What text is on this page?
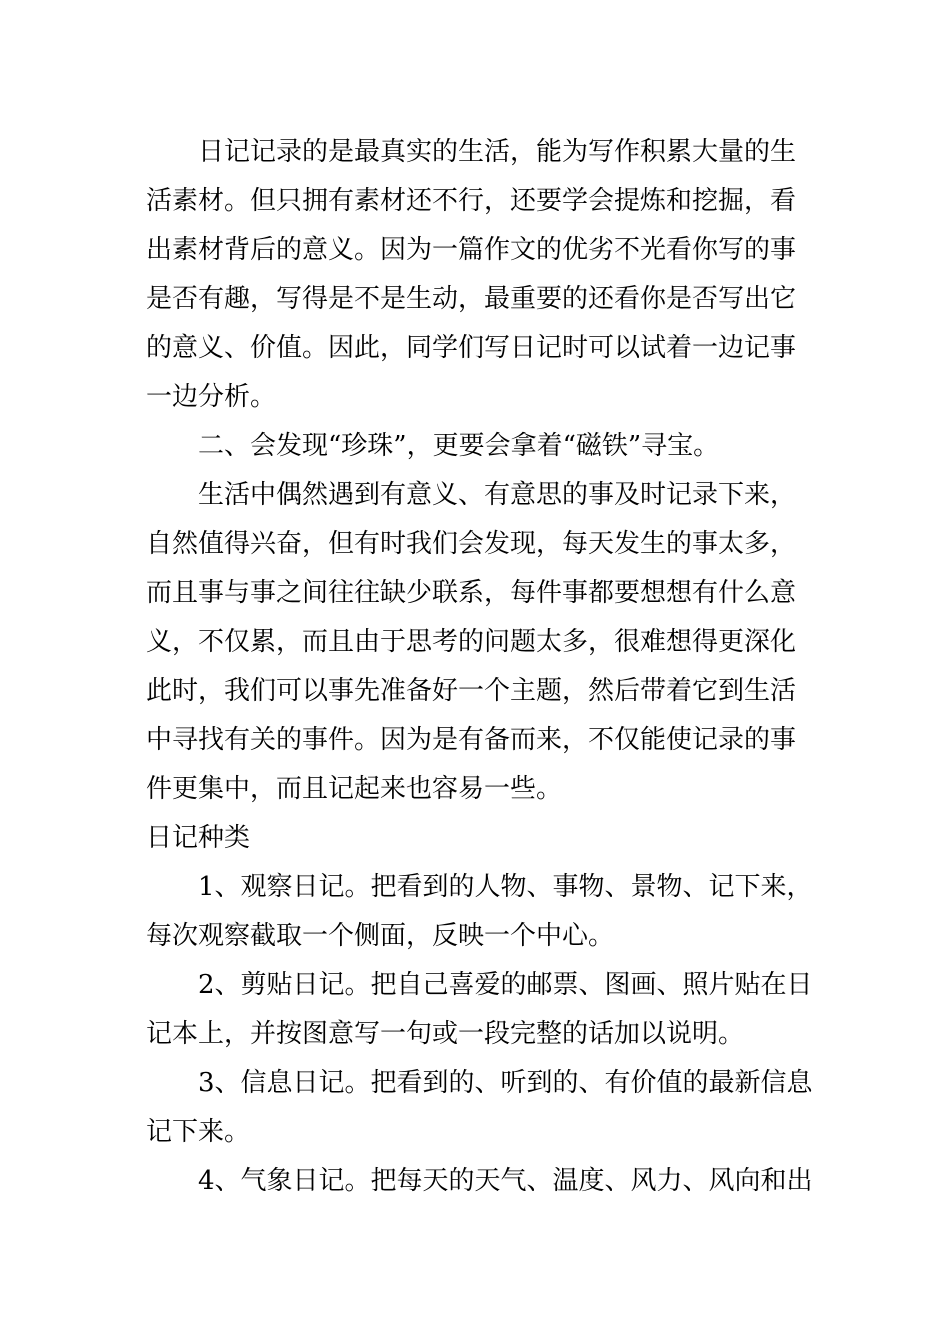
日记记录的是最真实的生活，能为写作积累大量的生
活素材。但只拥有素材还不行，还要学会提炼和挖掘，看
出素材背后的意义。因为一篇作文的优劣不光看你写的事
是否有趣，写得是不是生动，最重要的还看你是否写出它
的意义、价值。因此，同学们写日记时可以试着一边记事
一边分析。
二、会发现“珍珠”，更要会拿着“磁铁”寻宝。
生活中偶然遇到有意义、有意思的事及时记录下来，
自然值得兴奋，但有时我们会发现，每天发生的事太多，
而且事与事之间往往缺少联系，每件事都要想想有什么意
义，不仅累，而且由于思考的问题太多，很难想得更深化
此时，我们可以事先准备好一个主题，然后带着它到生活
中寻找有关的事件。因为是有备而来，不仅能使记录的事
件更集中，而且记起来也容易一些。
日记种类
1、观察日记。把看到的人物、事物、景物、记下来，
每次观察截取一个侧面，反映一个中心。
2、剪贴日记。把自己喜爱的邮票、图画、照片贴在日
记本上，并按图意写一句或一段完整的话加以说明。
3、信息日记。把看到的、听到的、有价值的最新信息
记下来。
4、气象日记。把每天的天气、温度、风力、风向和出
